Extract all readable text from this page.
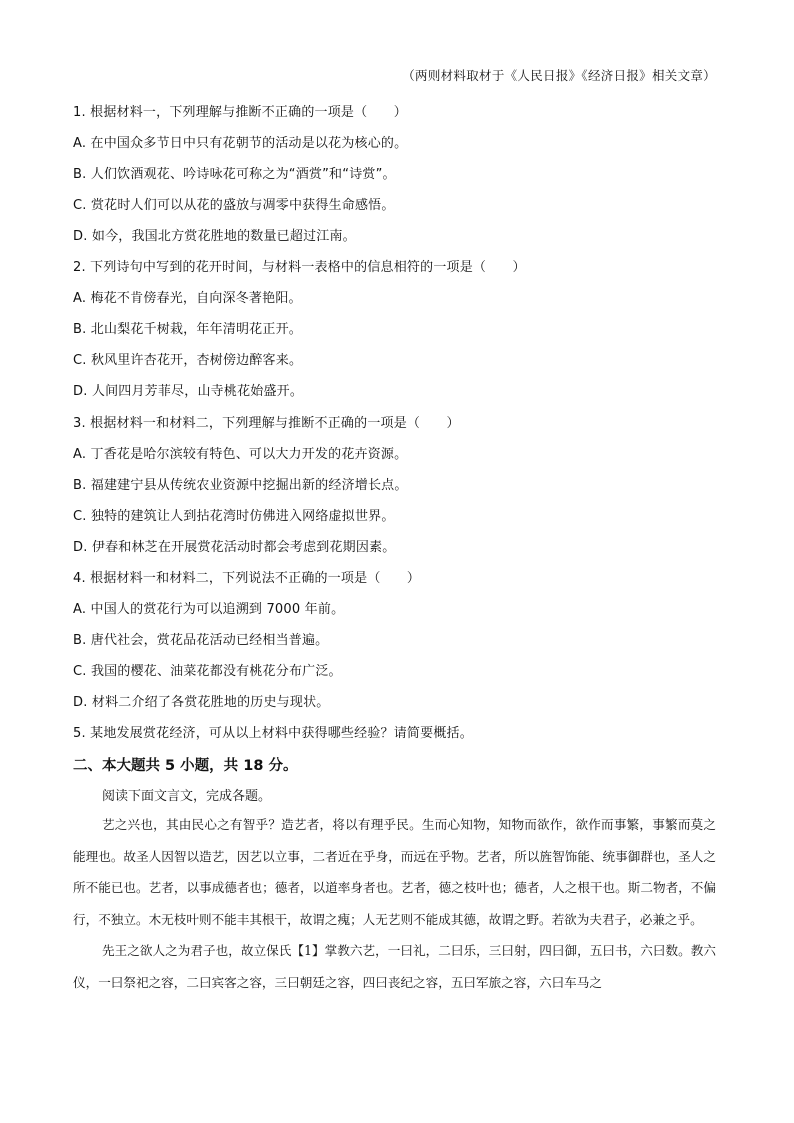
（两则材料取材于《人民日报》《经济日报》相关文章）
1. 根据材料一，下列理解与推断不正确的一项是（　　）
A. 在中国众多节日中只有花朝节的活动是以花为核心的。
B. 人们饮酒观花、吟诗咏花可称之为“酒赏”和“诗赏”。
C. 赏花时人们可以从花的盛放与凋零中获得生命感悟。
D. 如今，我国北方赏花胜地的数量已超过江南。
2. 下列诗句中写到的花开时间，与材料一表格中的信息相符的一项是（　　）
A. 梅花不肯傍春光，自向深冬著艳阳。
B. 北山梨花千树栽，年年清明花正开。
C. 秋风里许杏花开，杏树傍边醉客来。
D. 人间四月芳菲尽，山寺桃花始盛开。
3. 根据材料一和材料二，下列理解与推断不正确的一项是（　　）
A. 丁香花是哈尔滨较有特色、可以大力开发的花卉资源。
B. 福建建宁县从传统农业资源中挖掘出新的经济增长点。
C. 独特的建筑让人到拈花湾时仿佛进入网络虚拟世界。
D. 伊春和林芝在开展赏花活动时都会考虑到花期因素。
4. 根据材料一和材料二，下列说法不正确的一项是（　　）
A. 中国人的赏花行为可以追溯到 7000 年前。
B. 唐代社会，赏花品花活动已经相当普遍。
C. 我国的樱花、油菜花都没有桃花分布广泛。
D. 材料二介绍了各赏花胜地的历史与现状。
5. 某地发展赏花经济，可从以上材料中获得哪些经验？请简要概括。
二、本大题共 5 小题，共 18 分。
阅读下面文言文，完成各题。

艺之兴也，其由民心之有智乎？造艺者，将以有理乎民。生而心知物，知物而欲作，欲作而事繁，事繁而莫之能理也。故圣人因智以造艺，因艺以立事，二者近在乎身，而远在乎物。艺者，所以旌智饰能、统事御群也，圣人之所不能已也。艺者，以事成德者也；德者，以道率身者也。艺者，德之枝叶也；德者，人之根干也。斯二物者，不偏行，不独立。木无枝叶则不能丰其根干，故谓之瘣；人无艺则不能成其德，故谓之野。若欲为夫君子，必兼之乎。

先王之欲人之为君子也，故立保氏【1】掌教六艺，一曰礼，二曰乐，三曰射，四曰御，五曰书，六曰数。教六仪，一曰祭祀之容，二曰宾客之容，三曰朝廷之容，四曰丧纪之容，五曰军旅之容，六曰车马之
